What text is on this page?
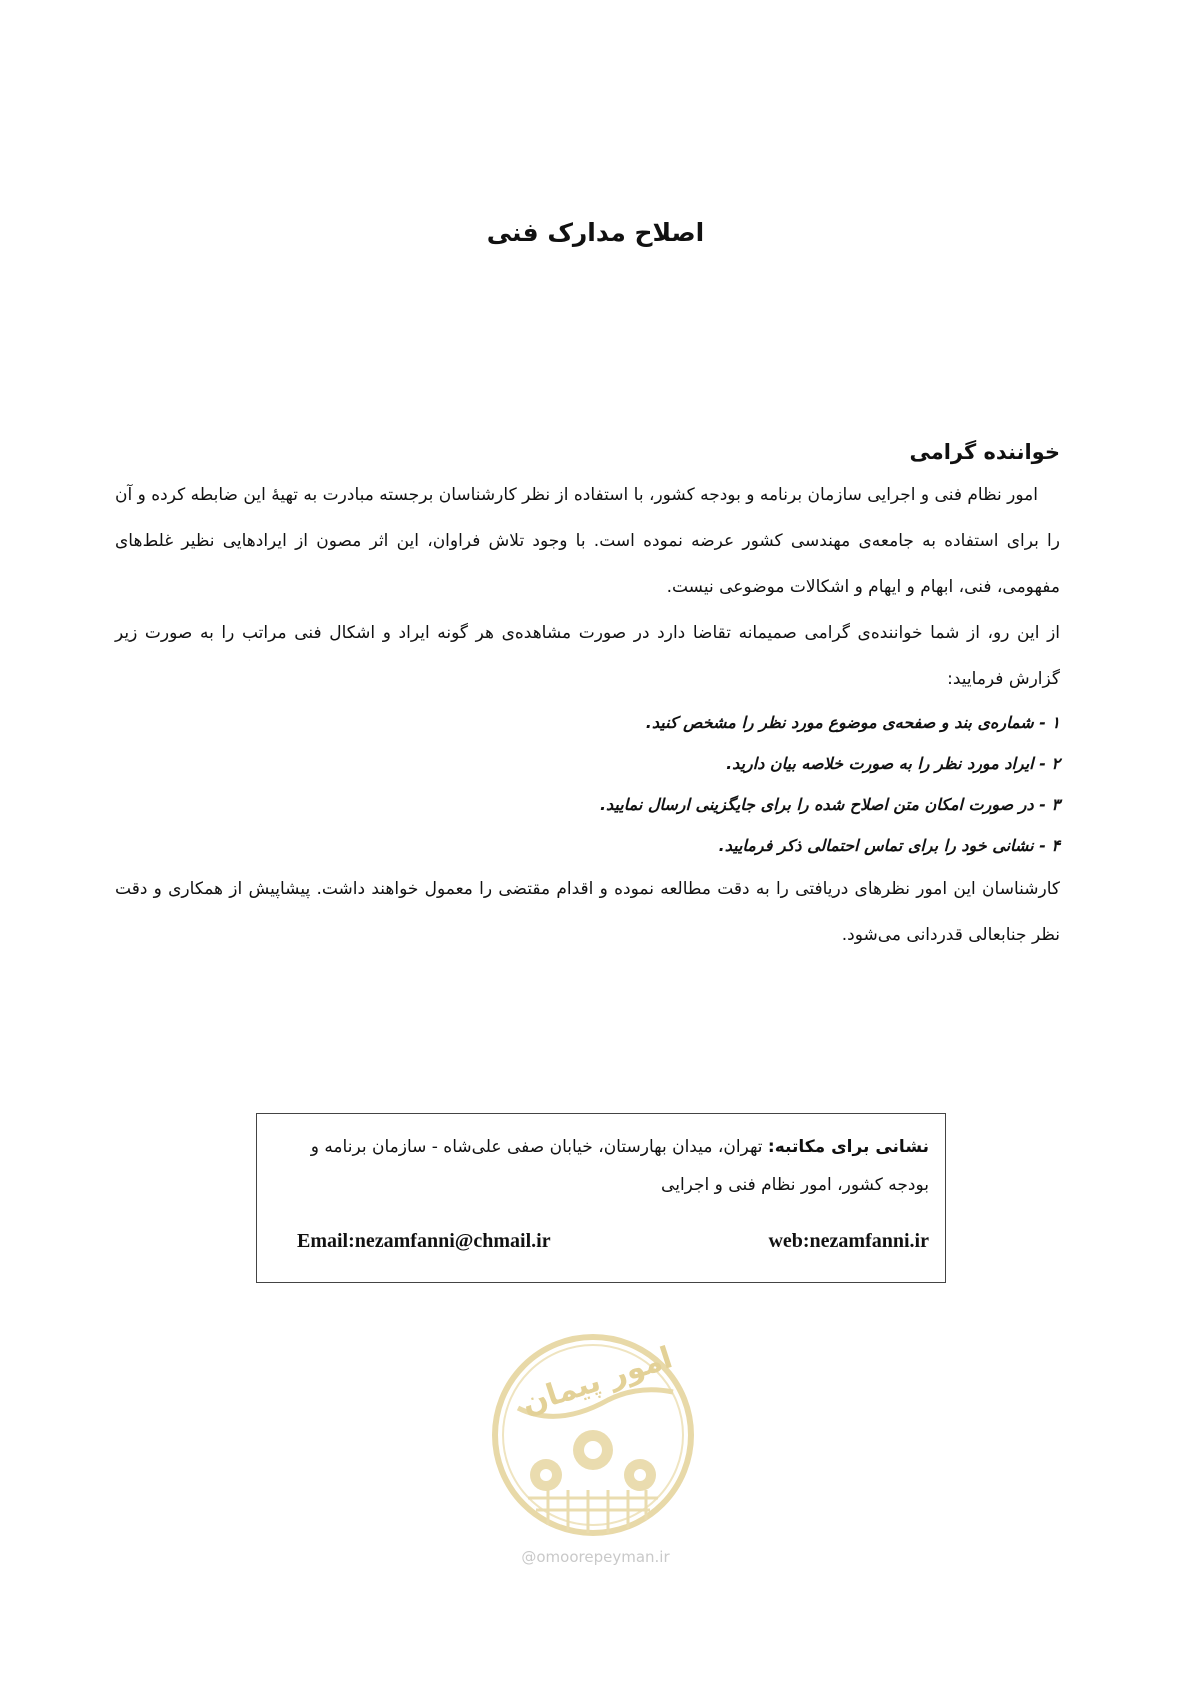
اصلاح مدارک فنی

خواننده گرامی

امور نظام فنی و اجرایی سازمان برنامه و بودجه کشور، با استفاده از نظر کارشناسان برجسته مبادرت به تهیهٔ این ضابطه کرده و آن را برای استفاده به جامعه‌ی مهندسی کشور عرضه نموده است. با وجود تلاش فراوان، این اثر مصون از ایرادهایی نظیر غلط‌های مفهومی، فنی، ابهام و ایهام و اشکالات موضوعی نیست.

از این رو، از شما خواننده‌ی گرامی صمیمانه تقاضا دارد در صورت مشاهده‌ی هر گونه ایراد و اشکال فنی مراتب را به صورت زیر گزارش فرمایید:

۱ - شماره‌ی بند و صفحه‌ی موضوع مورد نظر را مشخص کنید.
۲ - ایراد مورد نظر را به صورت خلاصه بیان دارید.
۳ - در صورت امکان متن اصلاح شده را برای جایگزینی ارسال نمایید.
۴ - نشانی خود را برای تماس احتمالی ذکر فرمایید.

کارشناسان این امور نظرهای دریافتی را به دقت مطالعه نموده و اقدام مقتضی را معمول خواهند داشت. پیشاپیش از همکاری و دقت نظر جنابعالی قدردانی می‌شود.

نشانی برای مکاتبه: تهران، میدان بهارستان، خیابان صفی علی‌شاه - سازمان برنامه و بودجه کشور، امور نظام فنی و اجرایی

web:nezamfanni.ir
Email:nezamfanni@chmail.ir
امور پیمان
@omoorepeyman.ir
